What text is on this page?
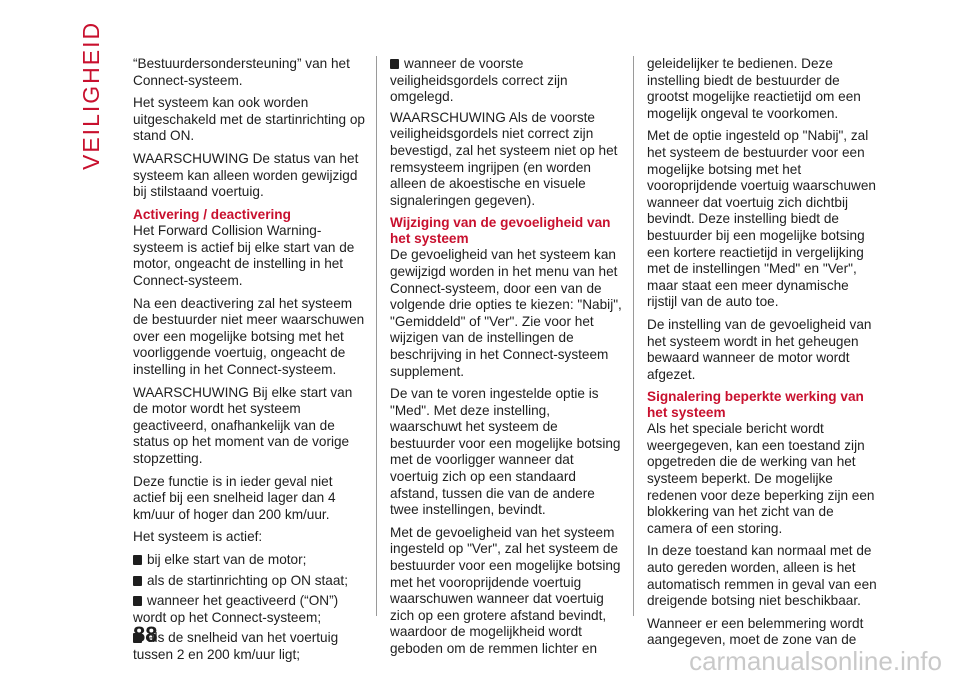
VEILIGHEID “Bestuurdersondersteuning” van het Connect-systeem.

Het systeem kan ook worden uitgeschakeld met de startinrichting op stand ON.

WAARSCHUWING De status van het systeem kan alleen worden gewijzigd bij stilstaand voertuig.

Activering / deactivering

Het Forward Collision Warning-systeem is actief bij elke start van de motor, ongeacht de instelling in het Connect-systeem.

Na een deactivering zal het systeem de bestuurder niet meer waarschuwen over een mogelijke botsing met het voorliggende voertuig, ongeacht de instelling in het Connect-systeem.

WAARSCHUWING Bij elke start van de motor wordt het systeem geactiveerd, onafhankelijk van de status op het moment van de vorige stopzetting.

Deze functie is in ieder geval niet actief bij een snelheid lager dan 4 km/uur of hoger dan 200 km/uur.

Het systeem is actief:

bij elke start van de motor;
als de startinrichting op ON staat;
wanneer het geactiveerd (“ON”) wordt op het Connect-systeem;
als de snelheid van het voertuig tussen 2 en 200 km/uur ligt;
wanneer de voorste veiligheidsgordels correct zijn omgelegd.

WAARSCHUWING Als de voorste veiligheidsgordels niet correct zijn bevestigd, zal het systeem niet op het remsysteem ingrijpen (en worden alleen de akoestische en visuele signaleringen gegeven).

Wijziging van de gevoeligheid van het systeem

De gevoeligheid van het systeem kan gewijzigd worden in het menu van het Connect-systeem, door een van de volgende drie opties te kiezen: "Nabij", "Gemiddeld" of "Ver". Zie voor het wijzigen van de instellingen de beschrijving in het Connect-systeem supplement.

De van te voren ingestelde optie is "Med". Met deze instelling, waarschuwt het systeem de bestuurder voor een mogelijke botsing met de voorligger wanneer dat voertuig zich op een standaard afstand, tussen die van de andere twee instellingen, bevindt.

Met de gevoeligheid van het systeem ingesteld op "Ver", zal het systeem de bestuurder voor een mogelijke botsing met het vooroprijdende voertuig waarschuwen wanneer dat voertuig zich op een grotere afstand bevindt, waardoor de mogelijkheid wordt geboden om de remmen lichter en

geleidelijker te bedienen. Deze instelling biedt de bestuurder de grootst mogelijke reactietijd om een mogelijk ongeval te voorkomen.

Met de optie ingesteld op "Nabij", zal het systeem de bestuurder voor een mogelijke botsing met het vooroprijdende voertuig waarschuwen wanneer dat voertuig zich dichtbij bevindt. Deze instelling biedt de bestuurder bij een mogelijke botsing een kortere reactietijd in vergelijking met de instellingen "Med" en "Ver", maar staat een meer dynamische rijstijl van de auto toe.

De instelling van de gevoeligheid van het systeem wordt in het geheugen bewaard wanneer de motor wordt afgezet.

Signalering beperkte werking van het systeem

Als het speciale bericht wordt weergegeven, kan een toestand zijn opgetreden die de werking van het systeem beperkt. De mogelijke redenen voor deze beperking zijn een blokkering van het zicht van de camera of een storing.

In deze toestand kan normaal met de auto gereden worden, alleen is het automatisch remmen in geval van een dreigende botsing niet beschikbaar.

Wanneer er een belemmering wordt aangegeven, moet de zone van de

88
carmanualsonline.info
